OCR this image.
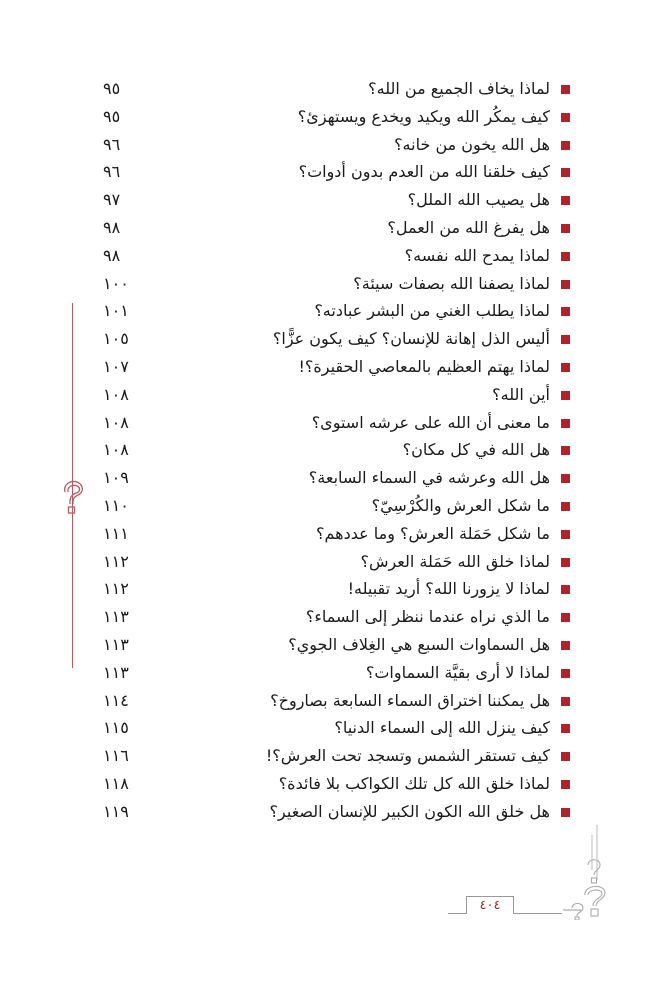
لماذا يخاف الجميع من الله؟
٩٥
كيف يمكُر الله ويكيد ويخدع ويستهزئ؟
٩٥
هل الله يخون من خانه؟
٩٦
كيف خلقنا الله من العدم بدون أدوات؟
٩٦
هل يصيب الله الملل؟
٩٧
هل يفرغ الله من العمل؟
٩٨
لماذا يمدح الله نفسه؟
٩٨
لماذا يصفنا الله بصفات سيئة؟
١٠٠
لماذا يطلب الغني من البشر عبادته؟
١٠١
أليس الذل إهانة للإنسان؟ كيف يكون عزًّا؟
١٠٥
لماذا يهتم العظيم بالمعاصي الحقيرة؟!
١٠٧
أين الله؟
١٠٨
ما معنى أن الله على عرشه استوى؟
١٠٨
هل الله في كل مكان؟
١٠٨
هل الله وعرشه في السماء السابعة؟
١٠٩
ما شكل العرش والكُرْسِيّ؟
١١٠
ما شكل حَمَلة العرش؟ وما عددهم؟
١١١
لماذا خلق الله حَمَلة العرش؟
١١٢
لماذا لا يزورنا الله؟ أريد تقبيله!
١١٢
ما الذي نراه عندما ننظر إلى السماء؟
١١٣
هل السماوات السبع هي الغِلاف الجوي؟
١١٣
لماذا لا أرى بقيَّة السماوات؟
١١٣
هل يمكننا اختراق السماء السابعة بصاروخ؟
١١٤
كيف ينزل الله إلى السماء الدنيا؟
١١٥
كيف تستقر الشمس وتسجد تحت العرش؟!
١١٦
لماذا خلق الله كل تلك الكواكب بلا فائدة؟
١١٨
هل خلق الله الكون الكبير للإنسان الصغير؟
١١٩
٤٠٤
